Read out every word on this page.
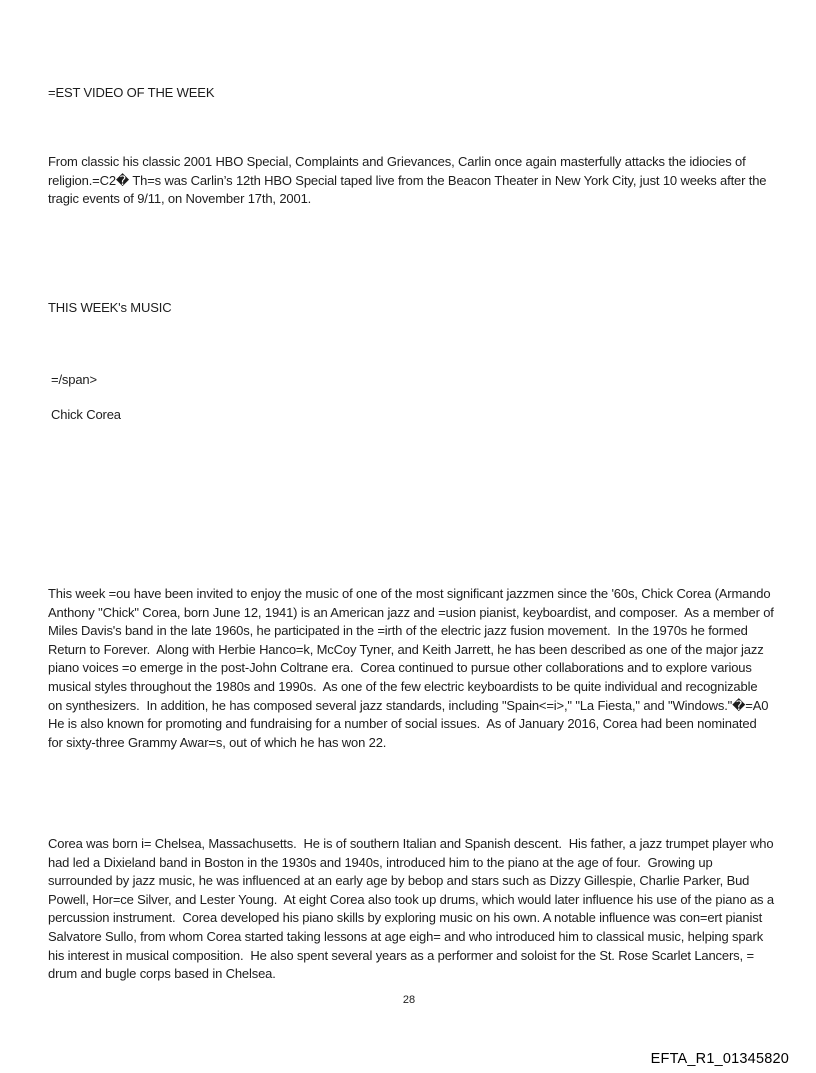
=EST VIDEO OF THE WEEK
From classic his classic 2001 HBO Special, Complaints and Grievances, Carlin once again masterfully attacks the idiocies of religion.=C2� Th=s was Carlin’s 12th HBO Special taped live from the Beacon Theater in New York City, just 10 weeks after the tragic events of 9/11, on November 17th, 2001.
THIS WEEK's MUSIC
=/span>
Chick Corea
This week =ou have been invited to enjoy the music of one of the most significant jazzmen since the '60s, Chick Corea (Armando Anthony "Chick" Corea, born June 12, 1941) is an American jazz and =usion pianist, keyboardist, and composer.  As a member of Miles Davis's band in the late 1960s, he participated in the =irth of the electric jazz fusion movement.  In the 1970s he formed Return to Forever.  Along with Herbie Hanco=k, McCoy Tyner, and Keith Jarrett, he has been described as one of the major jazz piano voices =o emerge in the post-John Coltrane era.  Corea continued to pursue other collaborations and to explore various musical styles throughout the 1980s and 1990s.  As one of the few electric keyboardists to be quite individual and recognizable on synthesizers.  In addition, he has composed several jazz standards, including "Spain<=i>," "La Fiesta," and "Windows."�=A0 He is also known for promoting and fundraising for a number of social issues.  As of January 2016, Corea had been nominated for sixty-three Grammy Awar=s, out of which he has won 22.
Corea was born i= Chelsea, Massachusetts.  He is of southern Italian and Spanish descent.  His father, a jazz trumpet player who had led a Dixieland band in Boston in the 1930s and 1940s, introduced him to the piano at the age of four.  Growing up surrounded by jazz music, he was influenced at an early age by bebop and stars such as Dizzy Gillespie, Charlie Parker, Bud Powell, Hor=ce Silver, and Lester Young.  At eight Corea also took up drums, which would later influence his use of the piano as a percussion instrument.  Corea developed his piano skills by exploring music on his own. A notable influence was con=ert pianist Salvatore Sullo, from whom Corea started taking lessons at age eigh= and who introduced him to classical music, helping spark his interest in musical composition.  He also spent several years as a performer and soloist for the St. Rose Scarlet Lancers, = drum and bugle corps based in Chelsea.
28
EFTA_R1_01345820
